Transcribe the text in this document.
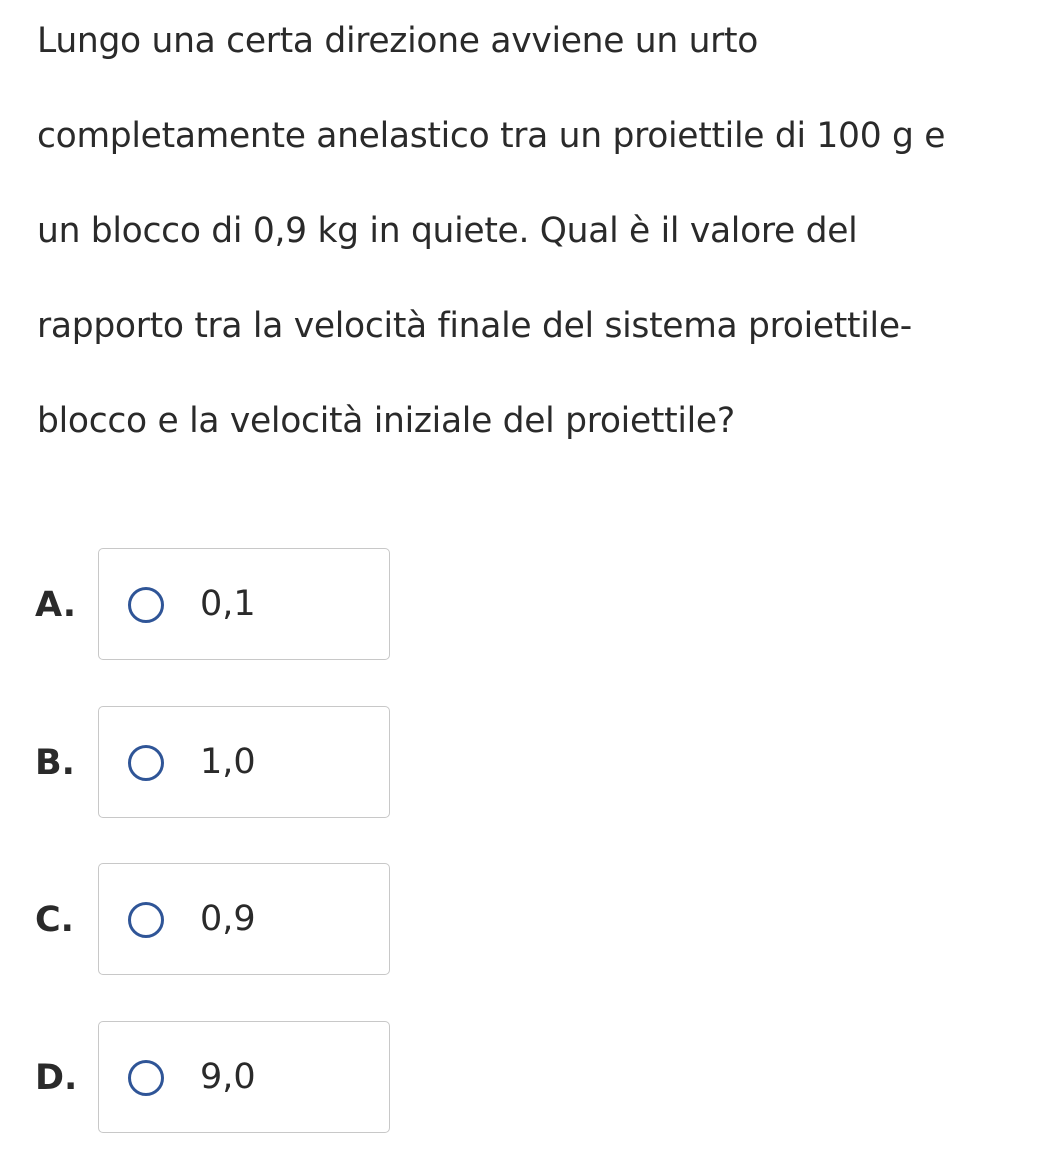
Lungo una certa direzione avviene un urto
completamente anelastico tra un proiettile di 100 g e
un blocco di 0,9 kg in quiete. Qual è il valore del
rapporto tra la velocità finale del sistema proiettile-
blocco e la velocità iniziale del proiettile?
A.	0,1
B.	1,0
C.	0,9
D.	9,0
